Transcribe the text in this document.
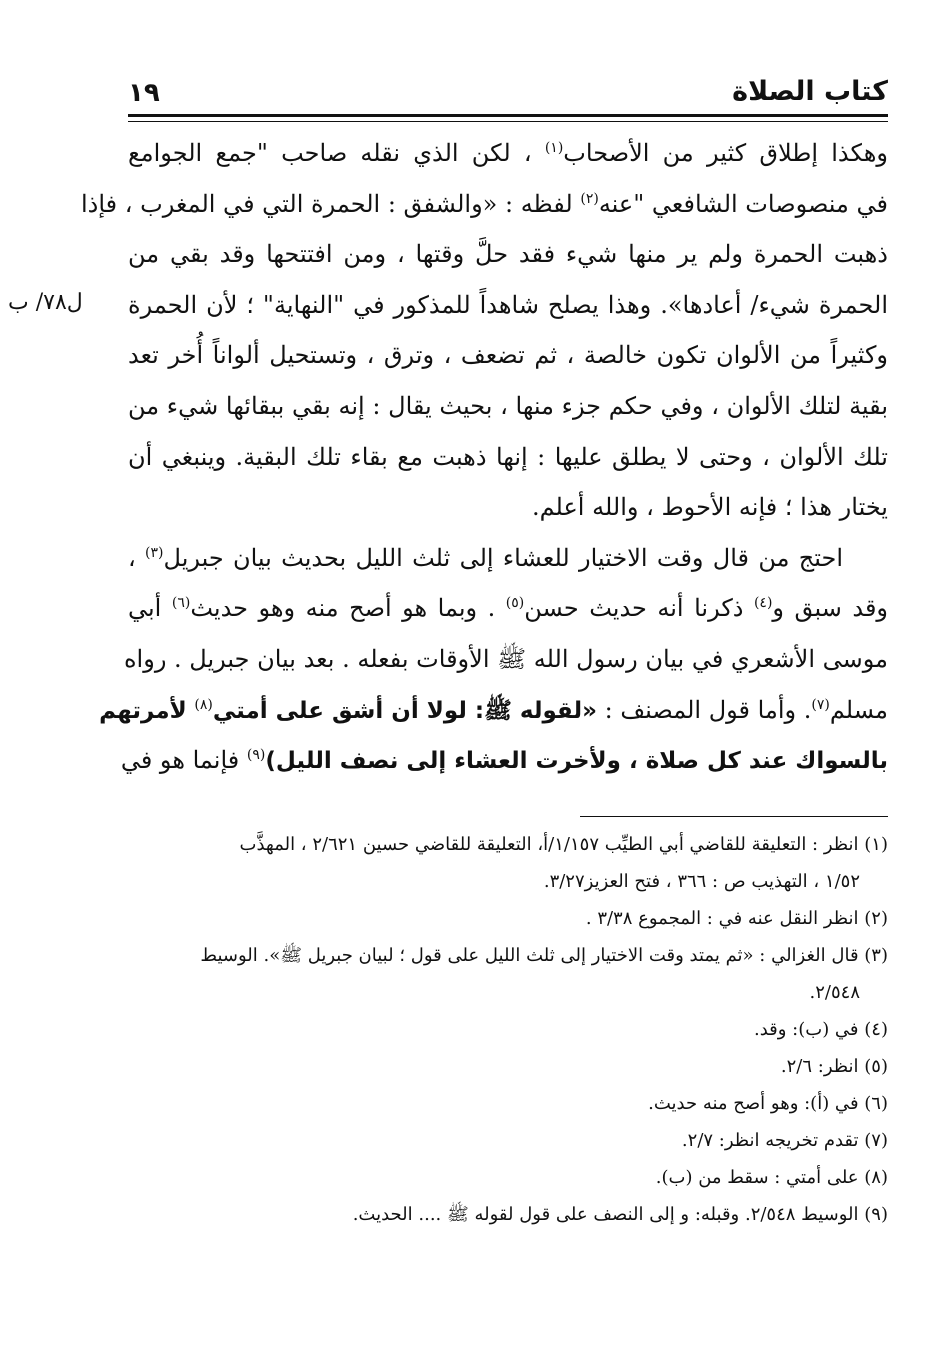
كتاب الصلاة
١٩
ل٧٨/ ب
وهكذا إطلاق كثير من الأصحاب$^{(١)}$ ، لكن الذي نقله صاحب "جمع الجوامع
في منصوصات الشافعي "عنه$^{(٢)}$ لفظه : «والشفق : الحمرة التي في المغرب ، فإذا
ذهبت الحمرة ولم ير منها شيء فقد حلَّ وقتها ، ومن افتتحها وقد بقي من
الحمرة شيء/ أعادها». وهذا يصلح شاهداً للمذكور في "النهاية" ؛ لأن الحمرة
وكثيراً من الألوان تكون خالصة ، ثم تضعف ، وترق ، وتستحيل ألواناً أُخر تعد
بقية لتلك الألوان ، وفي حكم جزء منها ، بحيث يقال : إنه بقي ببقائها شيء من
تلك الألوان ، وحتى لا يطلق عليها : إنها ذهبت مع بقاء تلك البقية. وينبغي أن
يختار هذا ؛ فإنه الأحوط ، والله أعلم.
احتج من قال وقت الاختيار للعشاء إلى ثلث الليل بحديث بيان جبريل$^{(٣)}$ ،
وقد سبق و$^{(٤)}$ ذكرنا أنه حديث حسن$^{(٥)}$ . وبما هو أصح منه وهو حديث$^{(٦)}$ أبي
موسى الأشعري في بيان رسول الله ﷺ الأوقات بفعله . بعد بيان جبريل . رواه
مسلم$^{(٧)}$. وأما قول المصنف : «لقوله ﷺ: لولا أن أشق على أمتي$^{(٨)}$ لأمرتهم
بالسواك عند كل صلاة ، ولأخرت العشاء إلى نصف الليل)$^{(٩)}$ فإنما هو في
(١) انظر : التعليقة للقاضي أبي الطيِّب ١/١٥٧/أ، التعليقة للقاضي حسين ٢/٦٢١ ، المهذَّب
١/٥٢ ، التهذيب ص : ٣٦٦ ، فتح العزيز٣/٢٧.
(٢) انظر النقل عنه في : المجموع ٣/٣٨ .
(٣) قال الغزالي : «ثم يمتد وقت الاختيار إلى ثلث الليل على قول ؛ لبيان جبريل ﷺ». الوسيط
٢/٥٤٨.
(٤) في (ب): وقد.
(٥) انظر: ٢/٦.
(٦) في (أ): وهو أصح منه حديث.
(٧) تقدم تخريجه انظر: ٢/٧.
(٨) على أمتي : سقط من (ب).
(٩) الوسيط ٢/٥٤٨. وقبله: و إلى النصف على قول لقوله ﷺ .... الحديث.
